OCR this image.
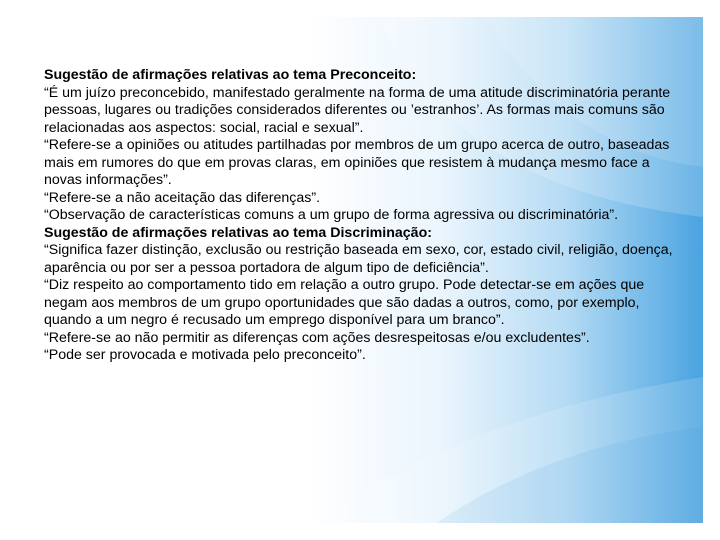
Sugestão de afirmações relativas ao tema Preconceito:

“É um juízo preconcebido, manifestado geralmente na forma de uma atitude discriminatória perante pessoas, lugares ou tradições considerados diferentes ou ’estranhos’. As formas mais comuns são relacionadas aos aspectos: social, racial e sexual”.

“Refere-se a opiniões ou atitudes partilhadas por membros de um grupo acerca de outro, baseadas mais em rumores do que em provas claras, em opiniões que resistem à mudança mesmo face a novas informações”.

“Refere-se a não aceitação das diferenças”.

“Observação de características comuns a um grupo de forma agressiva ou discriminatória”.

Sugestão de afirmações relativas ao tema Discriminação:

“Significa fazer distinção, exclusão ou restrição baseada em sexo, cor, estado civil, religião, doença, aparência ou por ser a pessoa portadora de algum tipo de deficiência”.

“Diz respeito ao comportamento tido em relação a outro grupo. Pode detectar-se em ações que negam aos membros de um grupo oportunidades que são dadas a outros, como, por exemplo, quando a um negro é recusado um emprego disponível para um branco”.

“Refere-se ao não permitir as diferenças com ações desrespeitosas e/ou excludentes”.

“Pode ser provocada e motivada pelo preconceito”.
